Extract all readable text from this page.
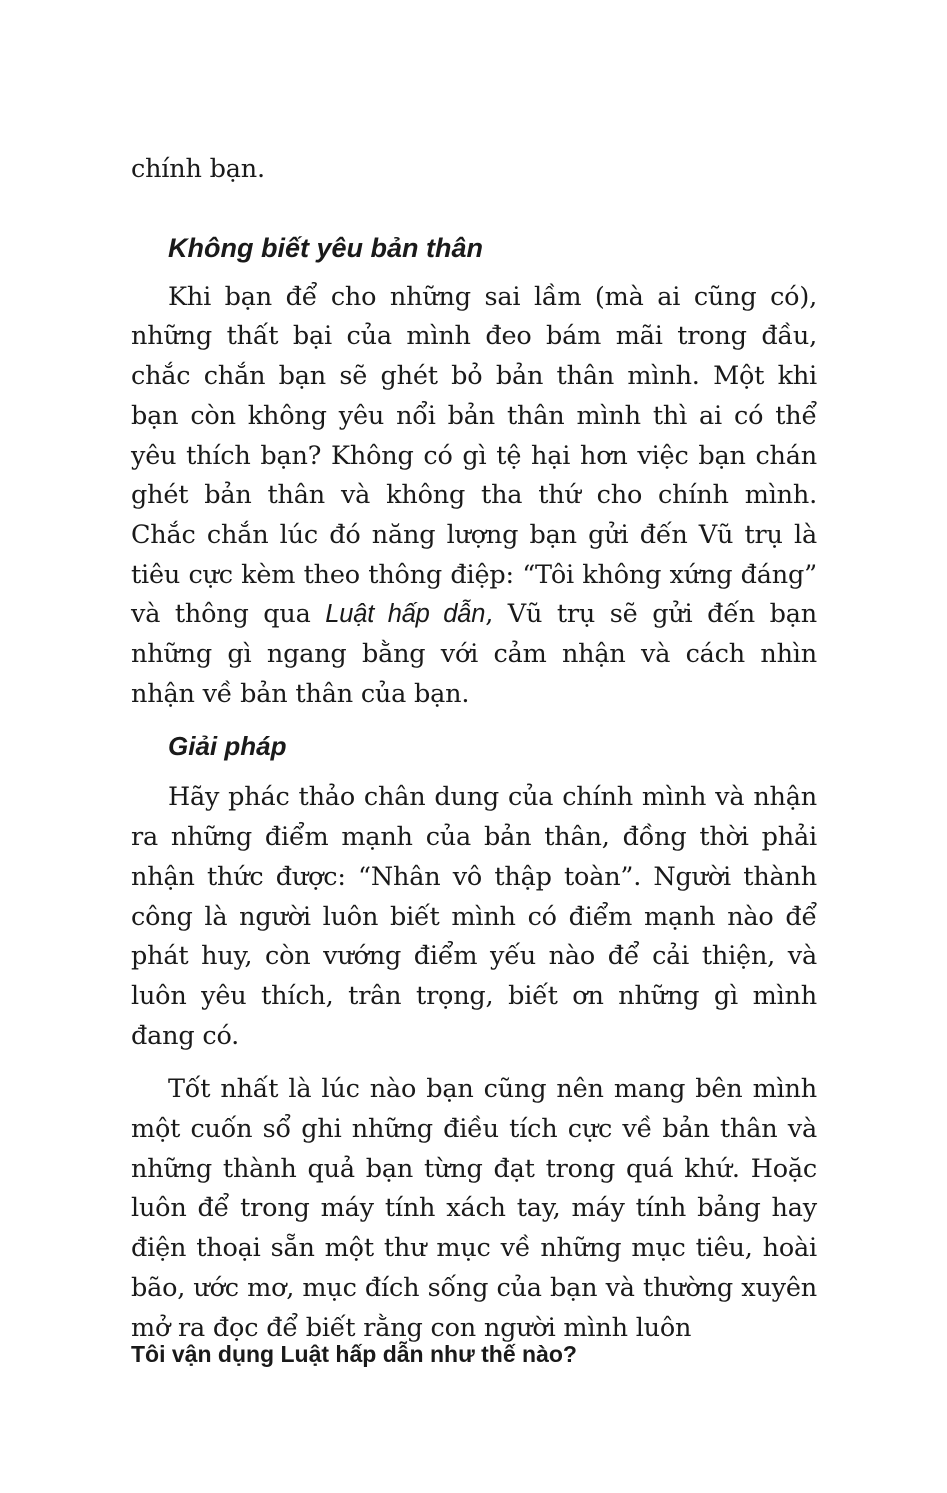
chính bạn.

Không biết yêu bản thân

Khi bạn để cho những sai lầm (mà ai cũng có), những thất bại của mình đeo bám mãi trong đầu, chắc chắn bạn sẽ ghét bỏ bản thân mình. Một khi bạn còn không yêu nổi bản thân mình thì ai có thể yêu thích bạn? Không có gì tệ hại hơn việc bạn chán ghét bản thân và không tha thứ cho chính mình. Chắc chắn lúc đó năng lượng bạn gửi đến Vũ trụ là tiêu cực kèm theo thông điệp: “Tôi không xứng đáng” và thông qua Luật hấp dẫn, Vũ trụ sẽ gửi đến bạn những gì ngang bằng với cảm nhận và cách nhìn nhận về bản thân của bạn.

Giải pháp

Hãy phác thảo chân dung của chính mình và nhận ra những điểm mạnh của bản thân, đồng thời phải nhận thức được: “Nhân vô thập toàn”. Người thành công là người luôn biết mình có điểm mạnh nào để phát huy, còn vướng điểm yếu nào để cải thiện, và luôn yêu thích, trân trọng, biết ơn những gì mình đang có.

Tốt nhất là lúc nào bạn cũng nên mang bên mình một cuốn sổ ghi những điều tích cực về bản thân và những thành quả bạn từng đạt trong quá khứ. Hoặc luôn để trong máy tính xách tay, máy tính bảng hay điện thoại sẵn một thư mục về những mục tiêu, hoài bão, ước mơ, mục đích sống của bạn và thường xuyên mở ra đọc để biết rằng con người mình luôn

Tôi vận dụng Luật hấp dẫn như thế nào?
